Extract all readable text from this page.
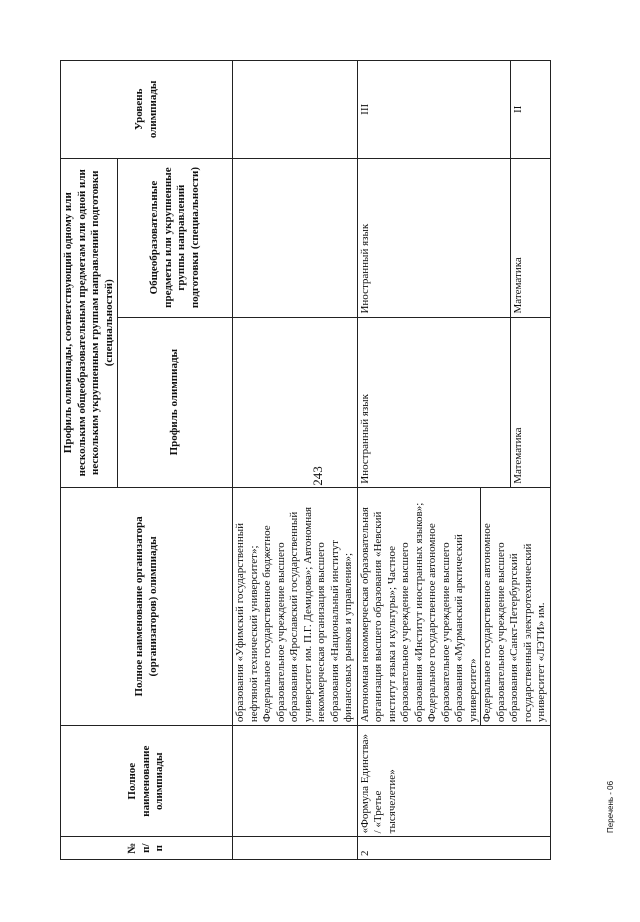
243
Перечень - 06
№ п/п	Полное наименование олимпиады	Полное наименование организатора (организаторов) олимпиады	Профиль олимпиады, соответствующий одному или нескольким общеобразовательным предметам или одной или нескольким укрупненным группам направлений подготовки (специальностей)		Уровень олимпиады
			Профиль олимпиады	Общеобразовательные предметы или укрупненные группы направлений подготовки (специальности)	
		образования «Уфимский государственный нефтяной технический университет»; Федеральное государственное бюджетное образовательное учреждение высшего образования «Ярославский государственный университет им. П.Г. Демидова»; Автономная некоммерческая организация высшего образования «Национальный институт финансовых рынков и управления»;			
2	«Формула Единства» / «Третье тысячелетие»	Автономная некоммерческая образовательная организация высшего образования «Невский институт языка и культуры»; Частное образовательное учреждение высшего образования «Институт иностранных языков»; Федеральное государственное автономное образовательное учреждение высшего образования «Мурманский арктический университет» Федеральное государственное автономное образовательное учреждение высшего образования «Санкт-Петербургский государственный электротехнический университет «ЛЭТИ» им.	Иностранный язык	Иностранный язык	III
			Математика	Математика	II
